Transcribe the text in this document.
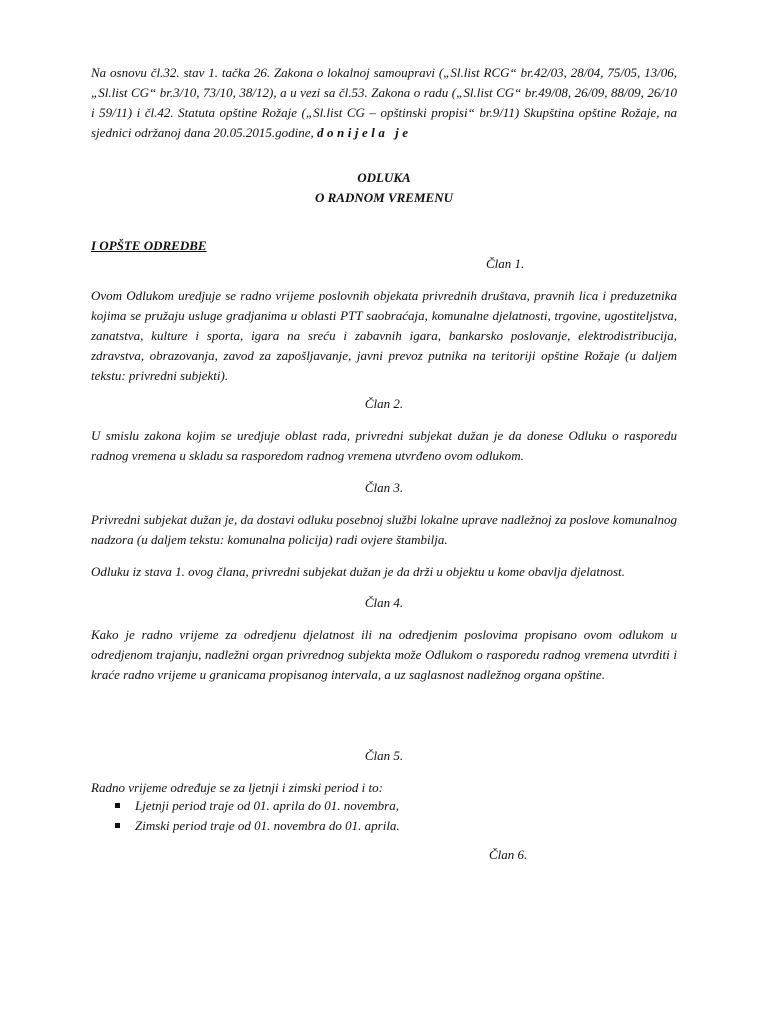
Na osnovu čl.32. stav 1. tačka 26. Zakona o lokalnoj samoupravi („Sl.list RCG“ br.42/03, 28/04, 75/05, 13/06, „Sl.list CG“ br.3/10, 73/10, 38/12), a u vezi sa čl.53. Zakona o radu („Sl.list CG“ br.49/08, 26/09, 88/09, 26/10 i 59/11) i čl.42. Statuta opštine Rožaje („Sl.list CG – opštinski propisi“ br.9/11) Skupština opštine Rožaje, na sjednici održanoj dana 20.05.2015.godine, donijela je
ODLUKA
O RADNOM VREMENU
I OPŠTE ODREDBE
Član 1.
Ovom Odlukom uredjuje se radno vrijeme poslovnih objekata privrednih društava, pravnih lica i preduzetnika kojima se pružaju usluge gradjanima u oblasti PTT saobraćaja, komunalne djelatnosti, trgovine, ugostiteljstva, zanatstva, kulture i sporta, igara na sreću i zabavnih igara, bankarsko poslovanje, elektrodistribucija, zdravstva, obrazovanja, zavod za zapošljavanje, javni prevoz putnika na teritoriji opštine Rožaje (u daljem tekstu: privredni subjekti).
Član 2.
U smislu zakona kojim se uredjuje oblast rada, privredni subjekat dužan je da donese Odluku o rasporedu radnog vremena u skladu sa rasporedom radnog vremena utvrđeno ovom odlukom.
Član 3.
Privredni subjekat dužan je, da dostavi odluku posebnoj službi lokalne uprave nadležnoj za poslove komunalnog nadzora (u daljem tekstu: komunalna policija) radi ovjere štambilja.
Odluku iz stava 1. ovog člana, privredni subjekat dužan je da drži u objektu u kome obavlja djelatnost.
Član 4.
Kako je radno vrijeme za odredjenu djelatnost ili na odredjenim poslovima propisano ovom odlukom u odredjenom trajanju, nadležni organ privrednog subjekta može Odlukom o rasporedu radnog vremena utvrditi i kraće radno vrijeme u granicama propisanog intervala, a uz saglasnost nadležnog organa opštine.
Član 5.
Radno vrijeme određuje se za ljetnji i zimski period i to:
Ljetnji period traje od 01. aprila do 01. novembra,
Zimski period traje od 01. novembra do 01. aprila.
Član 6.
